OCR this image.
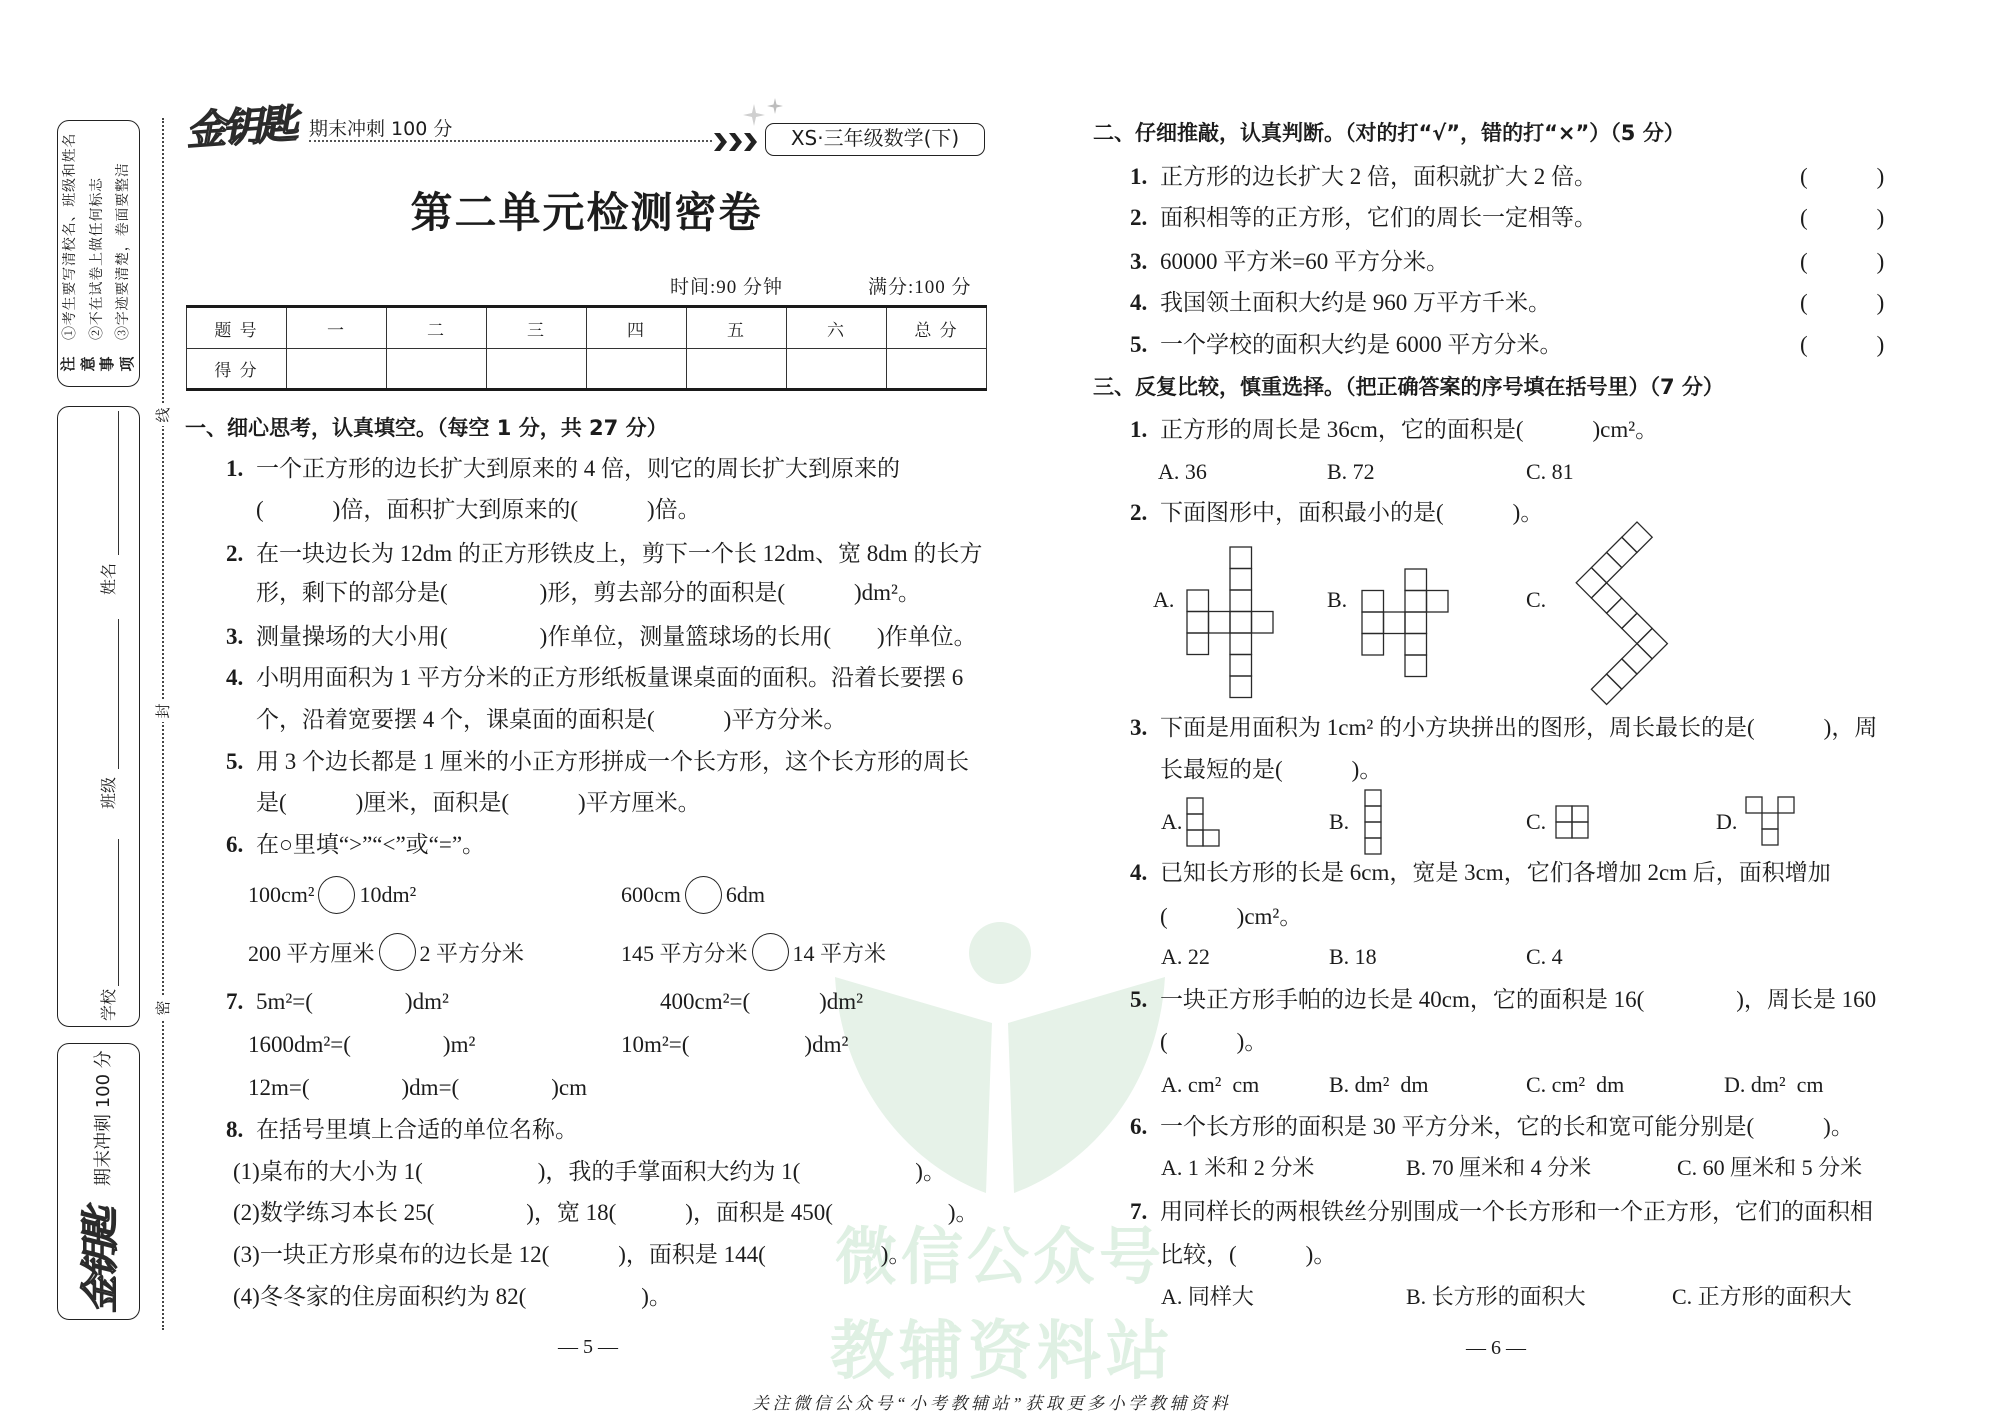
微信公众号
教辅资料站
注 意 事 项
①考生要写清校名、班级和姓名 ②不在试卷上做任何标志 ③字迹要清楚，卷面要整洁
学校
班级
姓名
金钥匙
期末冲刺 100 分
线
封
密
金钥匙 期末冲刺 100 分	XS·三年级数学(下)
第二单元检测密卷
时间:90 分钟	满分:100 分
题 号	一	二	三	四	五	六	总 分
得 分							
一、细心思考，认真填空。（每空 1 分，共 27 分）
1. 一个正方形的边长扩大到原来的 4 倍，则它的周长扩大到原来的
(　　　)倍，面积扩大到原来的(　　　)倍。
2. 在一块边长为 12dm 的正方形铁皮上，剪下一个长 12dm、宽 8dm 的长方
形，剩下的部分是(　　　　)形，剪去部分的面积是(　　　)dm²。
3. 测量操场的大小用(　　　　)作单位，测量篮球场的长用(　　)作单位。
4. 小明用面积为 1 平方分米的正方形纸板量课桌面的面积。沿着长要摆 6
个，沿着宽要摆 4 个，课桌面的面积是(　　　)平方分米。
5. 用 3 个边长都是 1 厘米的小正方形拼成一个长方形，这个长方形的周长
是(　　　)厘米，面积是(　　　)平方厘米。
6. 在○里填“>”“<”或“=”。
100cm² 10dm²	600cm 6dm
200 平方厘米 2 平方分米	145 平方分米 14 平方米
7. 5m²=(　　　　)dm²	400cm²=(　　　)dm²
1600dm²=(　　　　)m²	10m²=(　　　　　)dm²
12m=(　　　　)dm=(　　　　)cm
8. 在括号里填上合适的单位名称。
(1)桌布的大小为 1(　　　　　)，我的手掌面积大约为 1(　　　　　)。
(2)数学练习本长 25(　　　　)，宽 18(　　　)，面积是 450(　　　　　)。
(3)一块正方形桌布的边长是 12(　　　)，面积是 144(　　　　　)。
(4)冬冬家的住房面积约为 82(　　　　　)。
— 5 —
二、仔细推敲，认真判断。（对的打“√”，错的打“×”）（5 分）
1. 正方形的边长扩大 2 倍，面积就扩大 2 倍。	(　　　)
2. 面积相等的正方形，它们的周长一定相等。	(　　　)
3. 60000 平方米=60 平方分米。	(　　　)
4. 我国领土面积大约是 960 万平方千米。	(　　　)
5. 一个学校的面积大约是 6000 平方分米。	(　　　)
三、反复比较，慎重选择。（把正确答案的序号填在括号里）（7 分）
1. 正方形的周长是 36cm，它的面积是(　　　)cm²。
A. 36	B. 72	C. 81
2. 下面图形中，面积最小的是(　　　)。
A.	B.	C.
3. 下面是用面积为 1cm² 的小方块拼出的图形，周长最长的是(　　　)，周
长最短的是(　　　)。
A.	B.	C.	D.
4. 已知长方形的长是 6cm，宽是 3cm，它们各增加 2cm 后，面积增加
(　　　)cm²。
A. 22	B. 18	C. 4
5. 一块正方形手帕的边长是 40cm，它的面积是 16(　　　　)，周长是 160
(　　　)。
A. cm²  cm	B. dm²  dm	C. cm²  dm	D. dm²  cm
6. 一个长方形的面积是 30 平方分米，它的长和宽可能分别是(　　　)。
A. 1 米和 2 分米	B. 70 厘米和 4 分米	C. 60 厘米和 5 分米
7. 用同样长的两根铁丝分别围成一个长方形和一个正方形，它们的面积相
比较，(　　　)。
A. 同样大	B. 长方形的面积大	C. 正方形的面积大
— 6 —
关注微信公众号“小考教辅站”获取更多小学教辅资料
